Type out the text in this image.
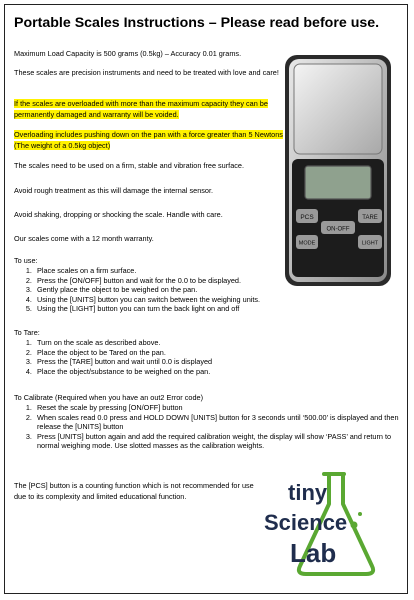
Portable Scales Instructions – Please read before use.
Maximum Load Capacity is 500 grams (0.5kg) – Accuracy 0.01 grams.
These scales are precision instruments and need to be treated with love and care!
If the scales are overloaded with more than the maximum capacity they can be permanently damaged and warranty will be voided.
Overloading includes pushing down on the pan with a force greater than 5 Newtons (The weight of a 0.5kg object)
The scales need to be used on a firm, stable and vibration free surface.
Avoid rough treatment as this will damage the internal sensor.
Avoid shaking, dropping or shocking the scale. Handle with care.
Our scales come with a 12 month warranty.
To use:
1. Place scales on a firm surface.
2. Press the [ON/OFF] button and wait for the 0.0 to be displayed.
3. Gently place the object to be weighed on the pan.
4. Using the [UNITS] button you can switch between the weighing units.
5. Using the [LIGHT] button you can turn the back light on and off
To Tare:
1. Turn on the scale as described above.
2. Place the object to be Tared on the pan.
3. Press the [TARE] button and wait until 0.0 is displayed
4. Place the object/substance to be weighed on the pan.
To Calibrate (Required when you have an out2 Error code)
1. Reset the scale by pressing [ON/OFF] button
2. When scales read 0.0 press and HOLD DOWN [UNITS] button for 3 seconds until ‘500.00’ is displayed and then release the [UNITS] button
3. Press [UNITS] button again and add the required calibration weight, the display will show ‘PASS’ and return to normal weighing mode. Use slotted masses as the calibration weights.
The [PCS] button is a counting function which is not recommended for use due to its complexity and limited educational function.
PCS	TARE
ON-OFF
MODE	LIGHT
tiny
Science
Lab
